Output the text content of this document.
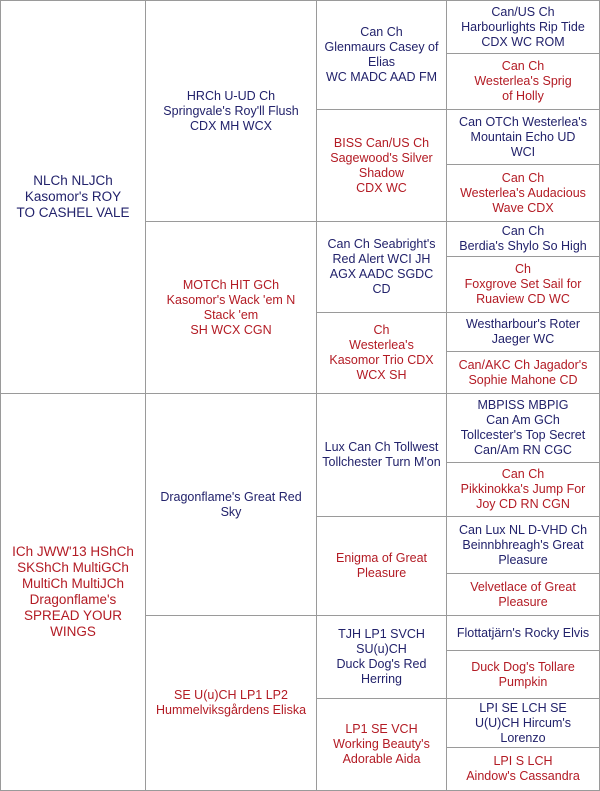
NLCh NLJCh
Kasomor's ROY
TO CASHEL VALE
ICh JWW'13 HShCh
SKShCh MultiGCh
MultiCh MultiJCh
Dragonflame's
SPREAD YOUR
WINGS
HRCh U-UD Ch
Springvale's Roy'll Flush
CDX MH WCX
MOTCh HIT GCh
Kasomor's Wack 'em N
Stack 'em
SH WCX CGN
Dragonflame's Great Red
Sky
SE U(u)CH LP1 LP2
Hummelviksgårdens Eliska
Can Ch
Glenmaurs Casey of
Elias
WC MADC AAD FM
BISS Can/US Ch
Sagewood's Silver
Shadow
CDX WC
Can Ch Seabright's
Red Alert WCI JH
AGX AADC SGDC
CD
Ch
Westerlea's
Kasomor Trio CDX
WCX SH
Lux Can Ch Tollwest
Tollchester Turn M'on
Enigma of Great
Pleasure
TJH LP1 SVCH
SU(u)CH
Duck Dog's Red
Herring
LP1 SE VCH
Working Beauty's
Adorable Aida
Can/US Ch
Harbourlights Rip Tide
CDX WC ROM
Can Ch
Westerlea's Sprig
of Holly
Can OTCh Westerlea's
Mountain Echo UD
WCI
Can Ch
Westerlea's Audacious
Wave CDX
Can Ch
Berdia's Shylo So High
Ch
Foxgrove Set Sail for
Ruaview CD WC
Westharbour's Roter
Jaeger WC
Can/AKC Ch Jagador's
Sophie Mahone CD
MBPISS MBPIG
Can Am GCh
Tollcester's Top Secret
Can/Am RN CGC
Can Ch
Pikkinokka's Jump For
Joy CD RN CGN
Can Lux NL D-VHD Ch
Beinnbhreagh's Great
Pleasure
Velvetlace of Great
Pleasure
Flottatjärn's Rocky Elvis
Duck Dog's Tollare
Pumpkin
LPI SE LCH SE
U(U)CH Hircum's
Lorenzo
LPI S LCH
Aindow's Cassandra
